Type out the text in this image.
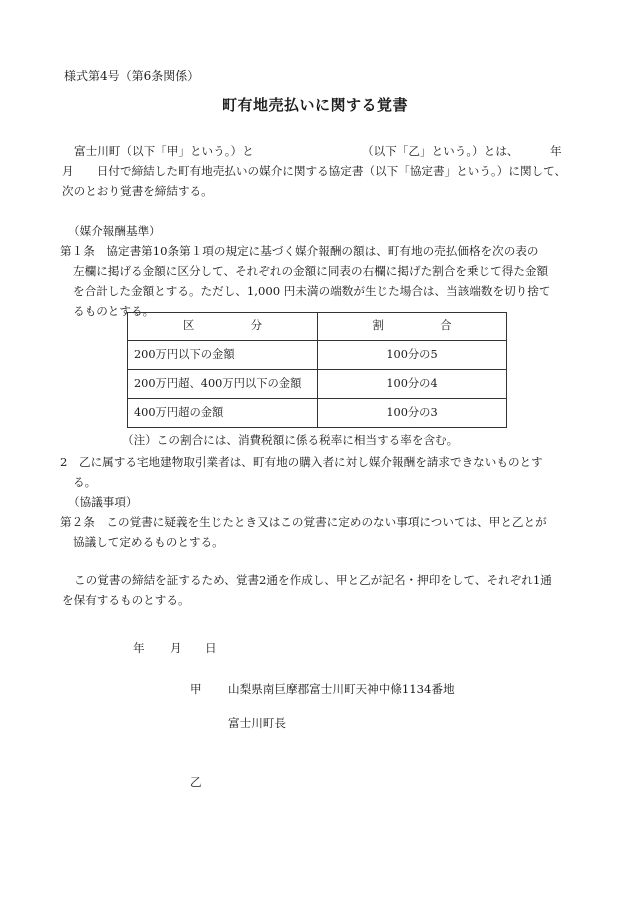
様式第4号（第6条関係）
町有地売払いに関する覚書
富士川町（以下「甲」という。）と	（以下「乙」という。）とは、	年
月　　日付で締結した町有地売払いの媒介に関する協定書（以下「協定書」という。）に関して、
次のとおり覚書を締結する。
（媒介報酬基準）
第１条　協定書第10条第１項の規定に基づく媒介報酬の額は、町有地の売払価格を次の表の
左欄に掲げる金額に区分して、それぞれの金額に同表の右欄に掲げた割合を乗じて得た金額
を合計した金額とする。ただし、1,000 円未満の端数が生じた場合は、当該端数を切り捨て
るものとする。
区　　　　　分	割　　　　　合
200万円以下の金額	100分の5
200万円超、400万円以下の金額	100分の4
400万円超の金額	100分の3
（注）この割合には、消費税額に係る税率に相当する率を含む。
2　乙に属する宅地建物取引業者は、町有地の購入者に対し媒介報酬を請求できないものとす
る。
（協議事項）
第２条　この覚書に疑義を生じたとき又はこの覚書に定めのない事項については、甲と乙とが
協議して定めるものとする。
この覚書の締結を証するため、覚書2通を作成し、甲と乙が記名・押印をして、それぞれ1通
を保有するものとする。
年 月 日
甲 山梨県南巨摩郡富士川町天神中條1134番地
富士川町長
乙
